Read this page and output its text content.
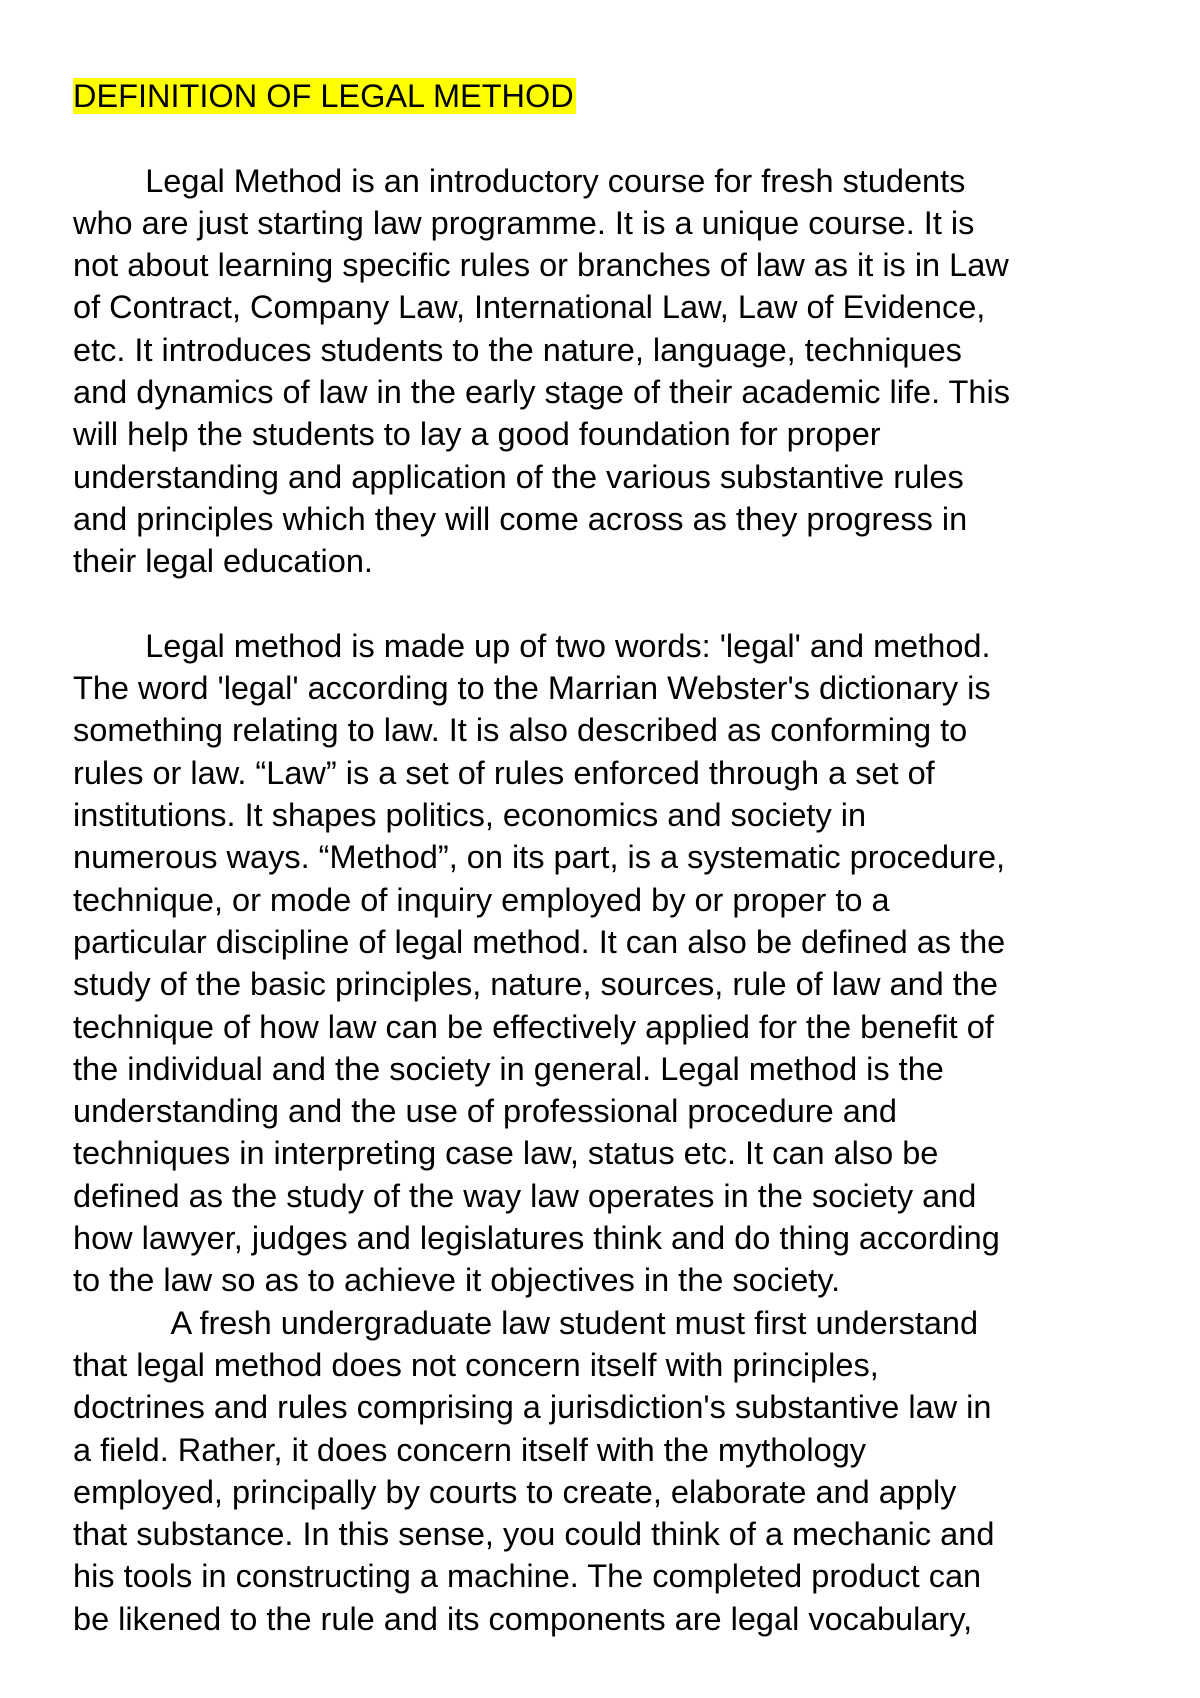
DEFINITION OF LEGAL METHOD
Legal Method is an introductory course for fresh students
who are just starting law programme. It is a unique course. It is
not about learning specific rules or branches of law as it is in Law
of Contract, Company Law, International Law, Law of Evidence,
etc. It introduces students to the nature, language, techniques
and dynamics of law in the early stage of their academic life. This
will help the students to lay a good foundation for proper
understanding and application of the various substantive rules
and principles which they will come across as they progress in
their legal education.
Legal method is made up of two words: 'legal' and method.
The word 'legal' according to the Marrian Webster's dictionary is
something relating to law. It is also described as conforming to
rules or law. “Law” is a set of rules enforced through a set of
institutions. It shapes politics, economics and society in
numerous ways. “Method”, on its part, is a systematic procedure,
technique, or mode of inquiry employed by or proper to a
particular discipline of legal method. It can also be defined as the
study of the basic principles, nature, sources, rule of law and the
technique of how law can be effectively applied for the benefit of
the individual and the society in general. Legal method is the
understanding and the use of professional procedure and
techniques in interpreting case law, status etc. It can also be
defined as the study of the way law operates in the society and
how lawyer, judges and legislatures think and do thing according
to the law so as to achieve it objectives in the society.
A fresh undergraduate law student must first understand
that legal method does not concern itself with principles,
doctrines and rules comprising a jurisdiction's substantive law in
a field. Rather, it does concern itself with the mythology
employed, principally by courts to create, elaborate and apply
that substance. In this sense, you could think of a mechanic and
his tools in constructing a machine. The completed product can
be likened to the rule and its components are legal vocabulary,
